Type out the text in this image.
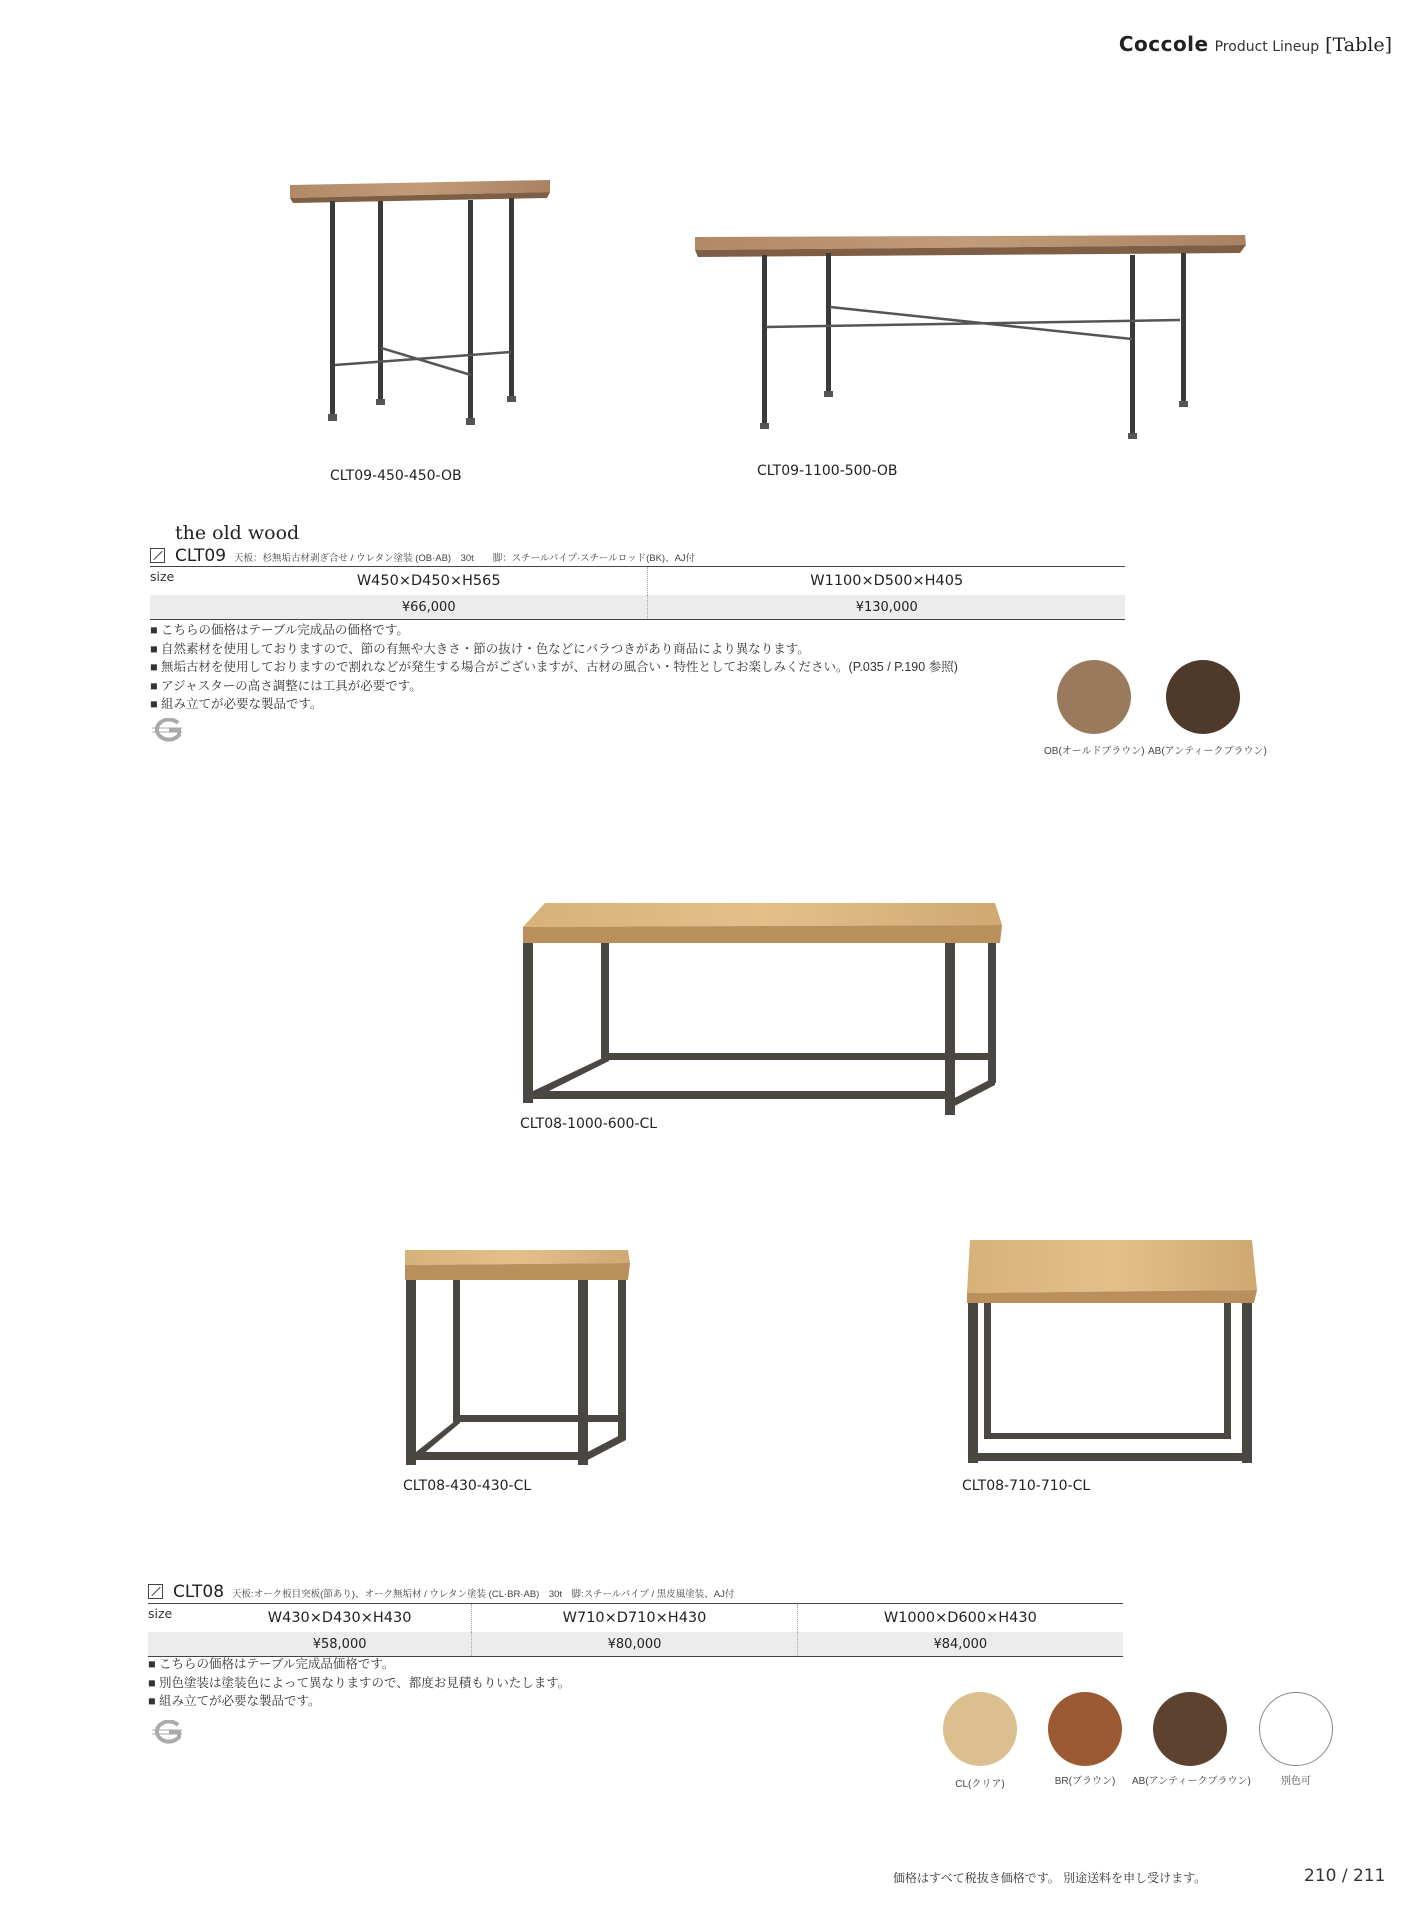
Coccole Product Lineup [Table]
CLT09-450-450-OB	CLT09-1100-500-OB
the old wood
CLT09 天板：杉無垢古材剥ぎ合せ / ウレタン塗装 (OB·AB)　30t　　脚：スチールパイプ·スチールロッド(BK)、AJ付
size	W450×D450×H565	W1100×D500×H405
	¥66,000	¥130,000
■ こちらの価格はテーブル完成品の価格です。
■ 自然素材を使用しておりますので、節の有無や大きさ・節の抜け・色などにバラつきがあり商品により異なります。
■ 無垢古材を使用しておりますので割れなどが発生する場合がございますが、古材の風合い・特性としてお楽しみください。(P.035 / P.190 参照)
■ アジャスターの高さ調整には工具が必要です。
■ 組み立てが必要な製品です。
OB(オールドブラウン) AB(アンティークブラウン)
CLT08-1000-600-CL
CLT08-430-430-CL	CLT08-710-710-CL
CLT08 天板:オーク板目突板(節あり)、オーク無垢材 / ウレタン塗装 (CL·BR·AB)　30t　脚:スチールパイプ / 黒皮風塗装、AJ付
size	W430×D430×H430	W710×D710×H430	W1000×D600×H430
	¥58,000	¥80,000	¥84,000
■ こちらの価格はテーブル完成品価格です。
■ 別色塗装は塗装色によって異なりますので、都度お見積もりいたします。
■ 組み立てが必要な製品です。
CL(クリア)	BR(ブラウン)	AB(アンティークブラウン)	別色可
価格はすべて税抜き価格です。 別途送料を申し受けます。	210 / 211
